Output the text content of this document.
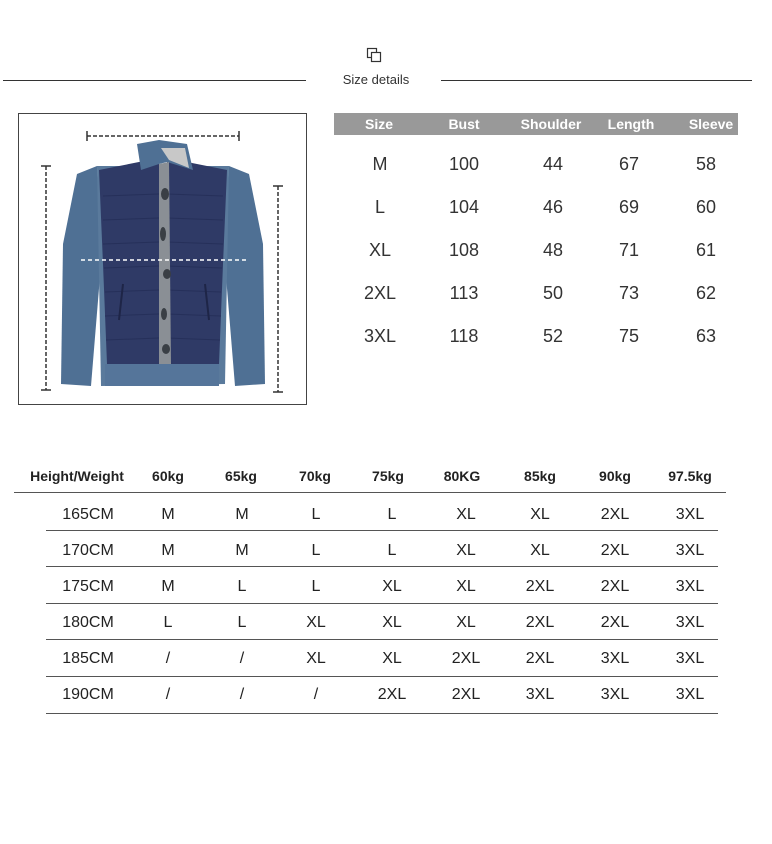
Size details
Size	Bust	Shoulder	Length	Sleeve
M	100	44	67	58
L	104	46	69	60
XL	108	48	71	61
2XL	113	50	73	62
3XL	118	52	75	63
Height/Weight	60kg	65kg	70kg	75kg	80KG	85kg	90kg	97.5kg
165CM	M	M	L	L	XL	XL	2XL	3XL
170CM	M	M	L	L	XL	XL	2XL	3XL
175CM	M	L	L	XL	XL	2XL	2XL	3XL
180CM	L	L	XL	XL	XL	2XL	2XL	3XL
185CM	/	/	XL	XL	2XL	2XL	3XL	3XL
190CM	/	/	/	2XL	2XL	3XL	3XL	3XL
